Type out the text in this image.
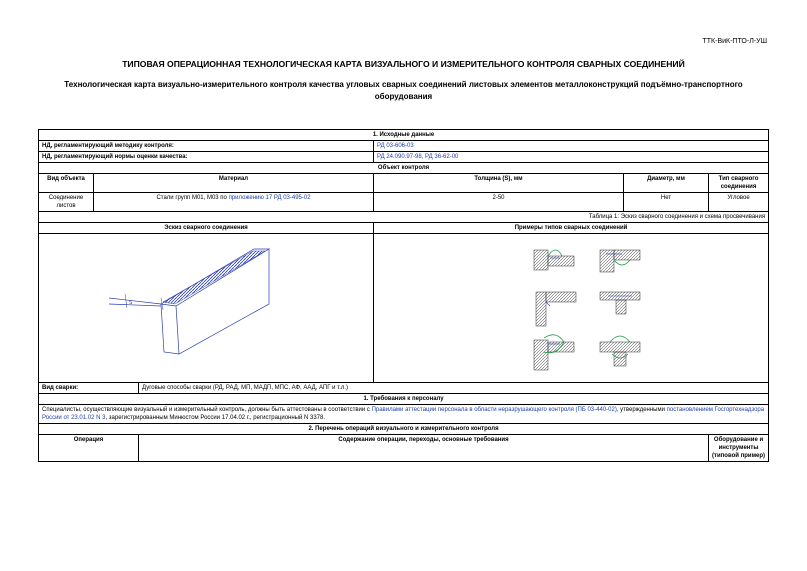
ТТК-ВиК-ПТО-Л-УШ
ТИПОВАЯ ОПЕРАЦИОННАЯ ТЕХНОЛОГИЧЕСКАЯ КАРТА ВИЗУАЛЬНОГО И ИЗМЕРИТЕЛЬНОГО КОНТРОЛЯ СВАРНЫХ СОЕДИНЕНИЙ
Технологическая карта визуально-измерительного контроля качества угловых сварных соединений листовых элементов металлоконструкций подъёмно-транспортного оборудования
1. Исходные данные					
НД, регламентирующий методику контроля:			РД 03-606-03		
НД, регламентирующий нормы оценки качества:			РД 24.090.97-98, РД 36-62-00		
Объект контроля					
Вид объекта	Материал		Толщина (S), мм	Диаметр, мм	Тип сварного соединения
Соединение листов	Стали групп М01, М03 по приложению 17 РД 03-495-02		2-50	Нет	Угловое
Таблица 1: Эскиз сварного соединения и схема просвечивания					
Эскиз сварного соединения			Примеры типов сварных соединений		

S

Вид сварки:		Дуговые способы сварки (РД, РАД, МП, МАДП, МПС, АФ, ААД, АПГ и т.л.)			
1. Требования к персоналу					
Специалисты, осуществляющие визуальный и измерительный контроль, должны быть аттестованы в соответствии с Правилами аттестации персонала в области неразрушающего контроля (ПБ 03-440-02), утвержденными постановлением Госгортехнадзора России от 23.01.02 N 3, зарегистрированным Минюстом России 17.04.02 г., регистрационный N 3378.					
2. Перечень операций визуального и измерительного контроля					
Операция		Содержание операции, переходы, основные требования			Оборудование и инструменты (типовой пример)
